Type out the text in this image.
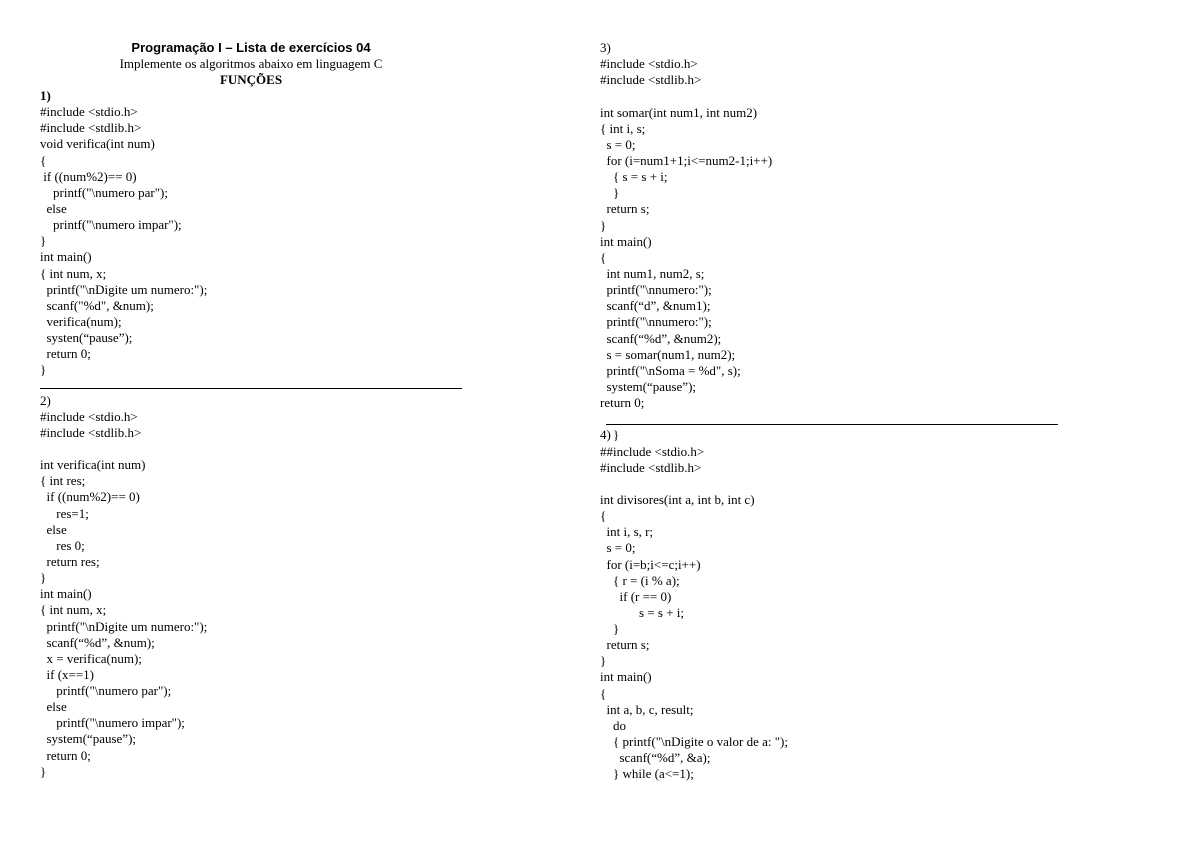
Programação I – Lista de exercícios 04
Implemente os algoritmos abaixo em linguagem C
FUNÇÕES
1)
#include <stdio.h>
#include <stdlib.h>
void verifica(int num)
{
if ((num%2)== 0)
printf("\numero par");
else
printf("\numero impar");
}
int main()
{ int num, x;
printf("\nDigite um numero:");
scanf("%d", &num);
verifica(num);
systen(“pause”);
return 0;
}
2)
#include <stdio.h>
#include <stdlib.h>
int verifica(int num)
{ int res;
if ((num%2)== 0)
res=1;
else
res 0;
return res;
}
int main()
{ int num, x;
printf("\nDigite um numero:");
scanf(“%d”, &num);
x = verifica(num);
if (x==1)
printf("\numero par");
else
printf("\numero impar");
system(“pause”);
return 0;
}
3)
#include <stdio.h>
#include <stdlib.h>
int somar(int num1, int num2)
{ int i, s;
s = 0;
for (i=num1+1;i<=num2-1;i++)
{ s = s + i;
}
return s;
}
int main()
{
int num1, num2, s;
printf("\nnumero:");
scanf(“d”, &num1);
printf("\nnumero:");
scanf(“%d”, &num2);
s = somar(num1, num2);
printf("\nSoma = %d", s);
system(“pause”);
return 0;

}

4)
##include <stdio.h>
#include <stdlib.h>
int divisores(int a, int b, int c)
{
int i, s, r;
s = 0;
for (i=b;i<=c;i++)
{ r = (i % a);
if (r == 0)
s = s + i;
}
return s;
}
int main()
{
int a, b, c, result;
do
{ printf("\nDigite o valor de a: ");
scanf(“%d”, &a);
} while (a<=1);
